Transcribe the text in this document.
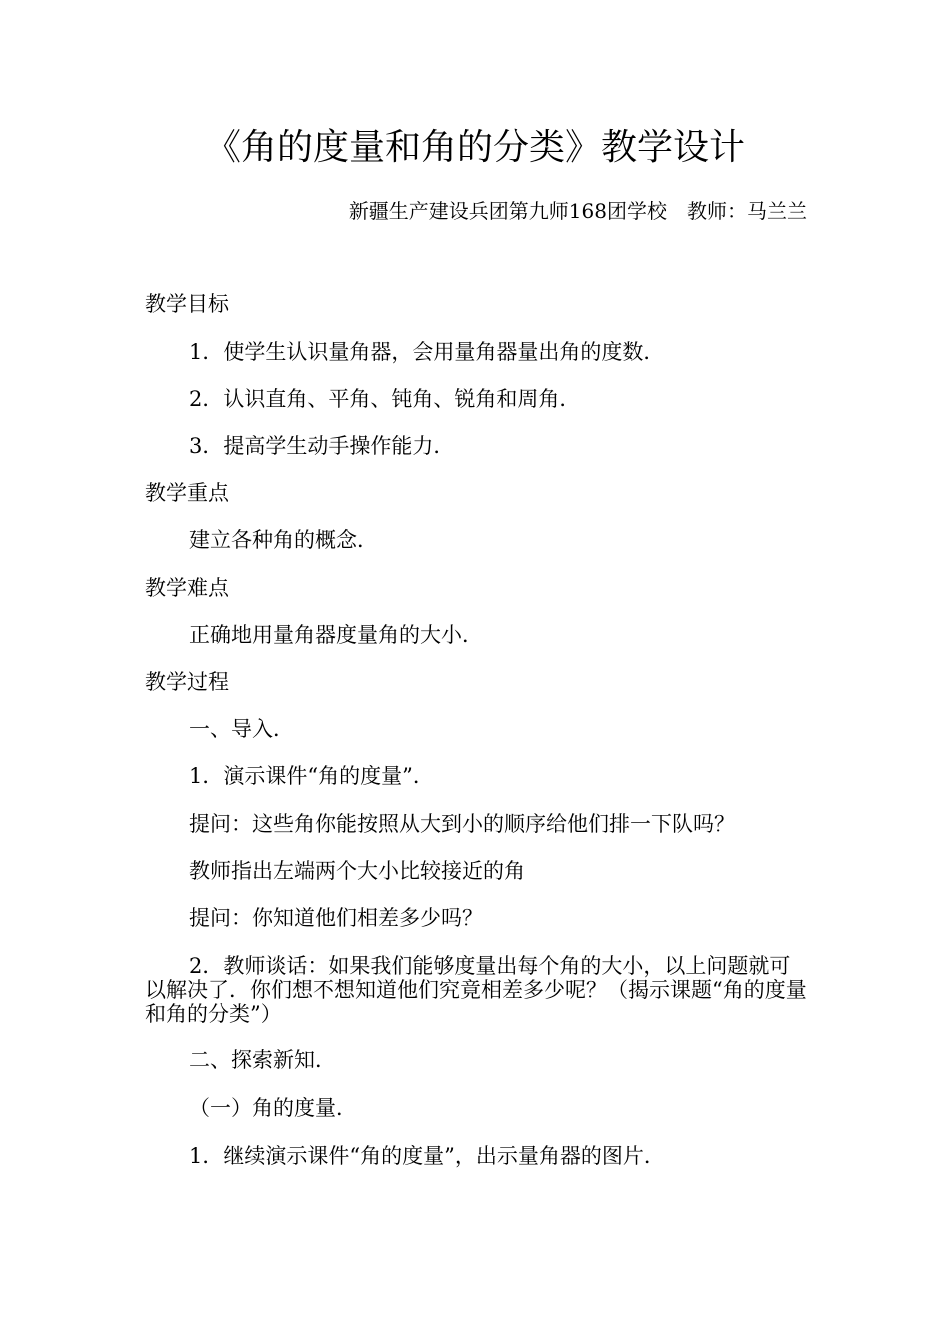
《角的度量和角的分类》教学设计
新疆生产建设兵团第九师168团学校　教师：马兰兰
教学目标
1．使学生认识量角器，会用量角器量出角的度数．
2．认识直角、平角、钝角、锐角和周角．
3．提高学生动手操作能力．
教学重点
建立各种角的概念．
教学难点
正确地用量角器度量角的大小．
教学过程
一、导入．
1．演示课件“角的度量”．
提问：这些角你能按照从大到小的顺序给他们排一下队吗？
教师指出左端两个大小比较接近的角
提问：你知道他们相差多少吗？
2．教师谈话：如果我们能够度量出每个角的大小，以上问题就可以解决了．你们想不想知道他们究竟相差多少呢？（揭示课题“角的度量和角的分类”）
二、探索新知．
（一）角的度量．
1．继续演示课件“角的度量”，出示量角器的图片．
